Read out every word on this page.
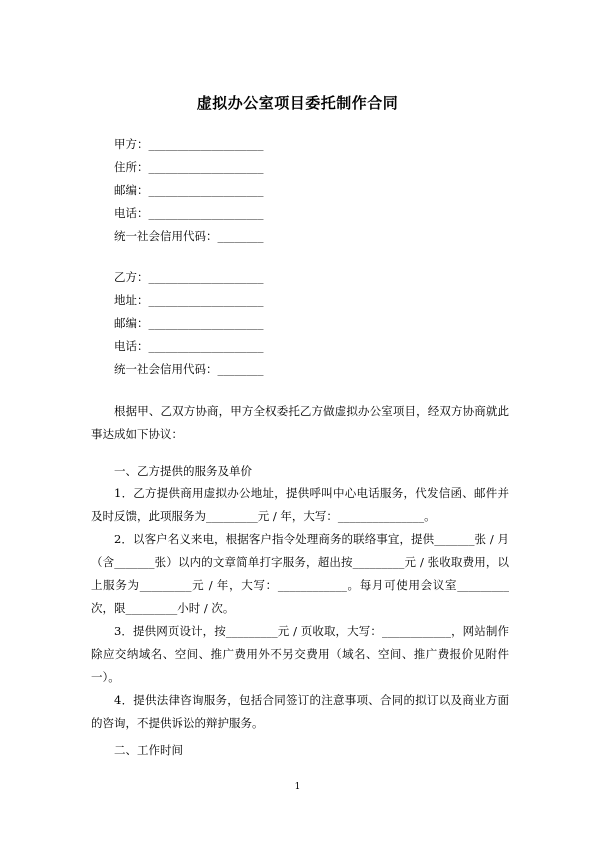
虚拟办公室项目委托制作合同
甲方：____________________
住所：____________________
邮编：____________________
电话：____________________
统一社会信用代码：________
乙方：____________________
地址：____________________
邮编：____________________
电话：____________________
统一社会信用代码：________
根据甲、乙双方协商，甲方全权委托乙方做虚拟办公室项目，经双方协商就此事达成如下协议：
一、乙方提供的服务及单价
1．乙方提供商用虚拟办公地址，提供呼叫中心电话服务，代发信函、邮件并及时反馈，此项服务为_________元 / 年，大写：_______________。
2．以客户名义来电，根据客户指令处理商务的联络事宜，提供_______张 / 月（含_______张）以内的文章简单打字服务，超出按_________元 / 张收取费用，以上服务为_________元 / 年，大写：____________。每月可使用会议室_________次，限_________小时 / 次。
3．提供网页设计，按_________元 / 页收取，大写：____________，网站制作除应交纳域名、空间、推广费用外不另交费用（域名、空间、推广费报价见附件一）。
4．提供法律咨询服务，包括合同签订的注意事项、合同的拟订以及商业方面的咨询，不提供诉讼的辩护服务。
二、工作时间
1
